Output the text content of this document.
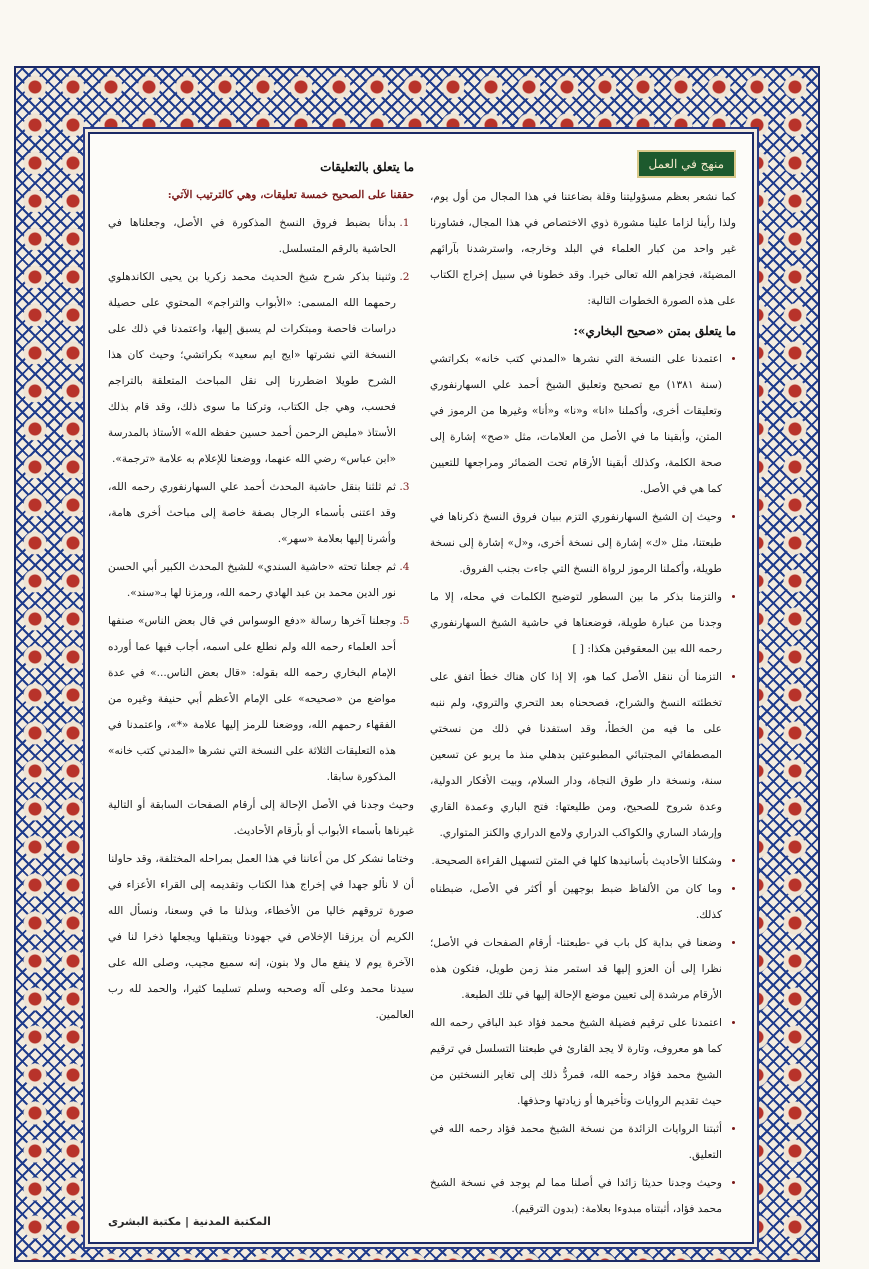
منهج في العمل

كما نشعر بعظم مسؤوليتنا وقلة بضاعتنا في هذا المجال من أول يوم، ولذا رأينا لزاما علينا مشورة ذوي الاختصاص في هذا المجال، فشاورنا غير واحد من كبار العلماء في البلد وخارجه، واسترشدنا بآرائهم المضيئة، فجزاهم الله تعالى خيرا. وقد خطونا في سبيل إخراج الكتاب على هذه الصورة الخطوات التالية:

ما يتعلق بمتن «صحيح البخاري»:
• اعتمدنا على النسخة التي نشرها «المدني كتب خانه» بكراتشي (سنة ١٣٨١) مع تصحيح وتعليق الشيخ أحمد علي السهارنفوري وتعليقات أخرى، وأكملنا «انا» و«نا» و«أنا» وغيرها من الرموز في المتن، وأبقينا ما في الأصل من العلامات، مثل «صح» إشارة إلى صحة الكلمة، وكذلك أبقينا الأرقام تحت الضمائر ومراجعها للتعيين كما هي في الأصل.
• وحيث إن الشيخ السهارنفوري التزم ببيان فروق النسخ ذكرناها في طبعتنا، مثل «ك» إشارة إلى نسخة أخرى، و«ل» إشارة إلى نسخة طويلة، وأكملنا الرموز لرواة النسخ التي جاءت بجنب الفروق.
• والتزمنا بذكر ما بين السطور لتوضيح الكلمات في محله، إلا ما وجدنا من عبارة طويلة، فوضعناها في حاشية الشيخ السهارنفوري رحمه الله بين المعقوفين هكذا: [ ]
• التزمنا أن ننقل الأصل كما هو، إلا إذا كان هناك خطأ اتفق على تخطئته النسخ والشراح، فصححناه بعد التحري والتروي، ولم ننبه على ما فيه من الخطأ، وقد استفدنا في ذلك من نسختي المصطفائي المجتبائي المطبوعتين بدهلي منذ ما يربو عن تسعين سنة، ونسخة دار طوق النجاة، ودار السلام، وبيت الأفكار الدولية، وعدة شروح للصحيح، ومن طليعتها: فتح الباري وعمدة القاري وإرشاد الساري والكواكب الدراري ولامع الدراري والكنز المتواري.
• وشكلنا الأحاديث بأسانيدها كلها في المتن لتسهيل القراءة الصحيحة.
• وما كان من الألفاظ ضبط بوجهين أو أكثر في الأصل، ضبطناه كذلك.
• وضعنا في بداية كل باب في -طبعتنا- أرقام الصفحات في الأصل؛ نظرا إلى أن العزو إليها قد استمر منذ زمن طويل، فتكون هذه الأرقام مرشدة إلى تعيين موضع الإحالة إليها في تلك الطبعة.
• اعتمدنا على ترقيم فضيلة الشيخ محمد فؤاد عبد الباقي رحمه الله كما هو معروف، وتارة لا يجد القارئ في طبعتنا التسلسل في ترقيم الشيخ محمد فؤاد رحمه الله، فمردُّ ذلك إلى تغاير النسختين من حيث تقديم الروايات وتأخيرها أو زيادتها وحذفها.
• أثبتنا الروايات الزائدة من نسخة الشيخ محمد فؤاد رحمه الله في التعليق.
• وحيث وجدنا حديثا زائدا في أصلنا مما لم يوجد في نسخة الشيخ محمد فؤاد، أثبتناه مبدوءا بعلامة: (بدون الترقيم).
ما يتعلق بالتعليقات

حققنا على الصحيح خمسة تعليقات، وهي كالترتيب الآتي:

1. بدأنا بضبط فروق النسخ المذكورة في الأصل، وجعلناها في الحاشية بالرقم المتسلسل.
2. وثنينا بذكر شرح شيخ الحديث محمد زكريا بن يحيى الكاندهلوي رحمهما الله المسمى: «الأبواب والتراجم» المحتوي على حصيلة دراسات فاحصة ومبتكرات لم يسبق إليها، واعتمدنا في ذلك على النسخة التي نشرتها «ايج ايم سعيد» بكراتشي؛ وحيث كان هذا الشرح طويلا اضطررنا إلى نقل المباحث المتعلقة بالتراجم فحسب، وهي جل الكتاب، وتركنا ما سوى ذلك، وقد قام بذلك الأستاذ «مليض الرحمن أحمد حسين حفظه الله» الأستاذ بالمدرسة «ابن عباس» رضي الله عنهما، ووضعنا للإعلام به علامة «ترجمة».
3. ثم ثلثنا بنقل حاشية المحدث أحمد علي السهارنفوري رحمه الله، وقد اعتنى بأسماء الرجال بصفة خاصة إلى مباحث أخرى هامة، وأشرنا إليها بعلامة «سهر».
4. ثم جعلنا تحته «حاشية السندي» للشيخ المحدث الكبير أبي الحسن نور الدين محمد بن عبد الهادي رحمه الله، ورمزنا لها بـ«سند».
5. وجعلنا آخرها رسالة «دفع الوسواس في قال بعض الناس» صنفها أحد العلماء رحمه الله ولم نطلع على اسمه، أجاب فيها عما أورده الإمام البخاري رحمه الله بقوله: «قال بعض الناس...» في عدة مواضع من «صحيحه» على الإمام الأعظم أبي حنيفة وغيره من الفقهاء رحمهم الله، ووضعنا للرمز إليها علامة «*»، واعتمدنا في هذه التعليقات الثلاثة على النسخة التي نشرها «المدني كتب خانه» المذكورة سابقا.

وحيث وجدنا في الأصل الإحالة إلى أرقام الصفحات السابقة أو التالية غيرناها بأسماء الأبواب أو بأرقام الأحاديث.

وختاما نشكر كل من أعاننا في هذا العمل بمراحله المختلفة، وقد حاولنا أن لا نألو جهدا في إخراج هذا الكتاب وتقديمه إلى القراء الأعزاء في صورة تروقهم خاليا من الأخطاء، وبذلنا ما في وسعنا، ونسأل الله الكريم أن يرزقنا الإخلاص في جهودنا ويتقبلها ويجعلها ذخرا لنا في الآخرة يوم لا ينفع مال ولا بنون، إنه سميع مجيب، وصلى الله على سيدنا محمد وعلى آله وصحبه وسلم تسليما كثيرا، والحمد لله رب العالمين.

المكتبة المدنية | مكتبة البشرى
